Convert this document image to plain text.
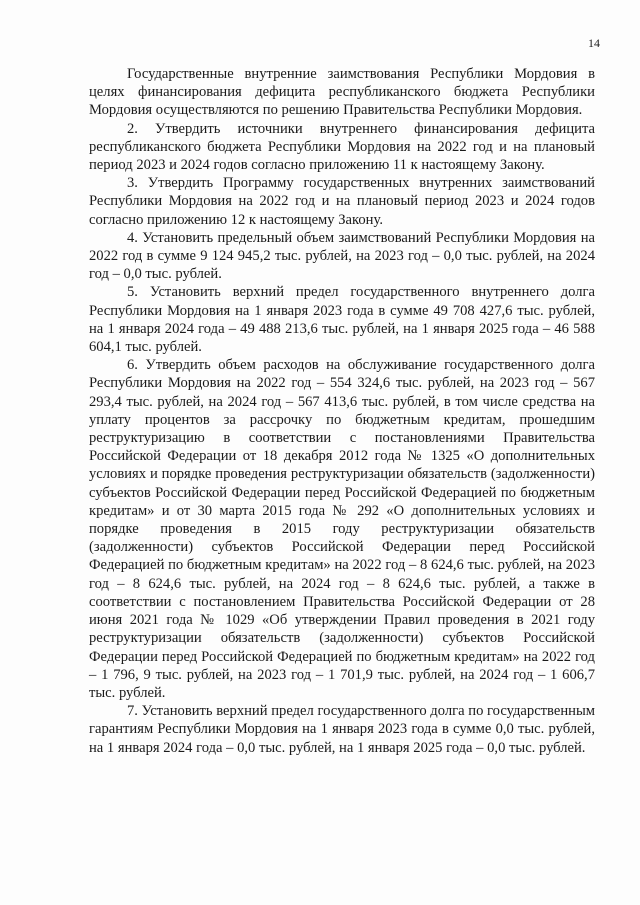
14

Государственные внутренние заимствования Республики Мордовия в целях финансирования дефицита республиканского бюджета Республики Мордовия осуществляются по решению Правительства Республики Мордовия.

2. Утвердить источники внутреннего финансирования дефицита республиканского бюджета Республики Мордовия на 2022 год и на плановый период 2023 и 2024 годов согласно приложению 11 к настоящему Закону.

3. Утвердить Программу государственных внутренних заимствований Республики Мордовия на 2022 год и на плановый период 2023 и 2024 годов согласно приложению 12 к настоящему Закону.

4. Установить предельный объем заимствований Республики Мордовия на 2022 год в сумме 9 124 945,2 тыс. рублей, на 2023 год – 0,0 тыс. рублей, на 2024 год – 0,0 тыс. рублей.

5. Установить верхний предел государственного внутреннего долга Республики Мордовия на 1 января 2023 года в сумме 49 708 427,6 тыс. рублей, на 1 января 2024 года – 49 488 213,6 тыс. рублей, на 1 января 2025 года – 46 588 604,1 тыс. рублей.

6. Утвердить объем расходов на обслуживание государственного долга Республики Мордовия на 2022 год – 554 324,6 тыс. рублей, на 2023 год – 567 293,4 тыс. рублей, на 2024 год – 567 413,6 тыс. рублей, в том числе средства на уплату процентов за рассрочку по бюджетным кредитам, прошедшим реструктуризацию в соответствии с постановлениями Правительства Российской Федерации от 18 декабря 2012 года № 1325 «О дополнительных условиях и порядке проведения реструктуризации обязательств (задолженности) субъектов Российской Федерации перед Российской Федерацией по бюджетным кредитам» и от 30 марта 2015 года № 292 «О дополнительных условиях и порядке проведения в 2015 году реструктуризации обязательств (задолженности) субъектов Российской Федерации перед Российской Федерацией по бюджетным кредитам» на 2022 год – 8 624,6 тыс. рублей, на 2023 год – 8 624,6 тыс. рублей, на 2024 год – 8 624,6 тыс. рублей, а также в соответствии с постановлением Правительства Российской Федерации от 28 июня 2021 года № 1029 «Об утверждении Правил проведения в 2021 году реструктуризации обязательств (задолженности) субъектов Российской Федерации перед Российской Федерацией по бюджетным кредитам» на 2022 год – 1 796, 9 тыс. рублей, на 2023 год – 1 701,9 тыс. рублей, на 2024 год – 1 606,7 тыс. рублей.

7. Установить верхний предел государственного долга по государственным гарантиям Республики Мордовия на 1 января 2023 года в сумме 0,0 тыс. рублей, на 1 января 2024 года – 0,0 тыс. рублей, на 1 января 2025 года – 0,0 тыс. рублей.
